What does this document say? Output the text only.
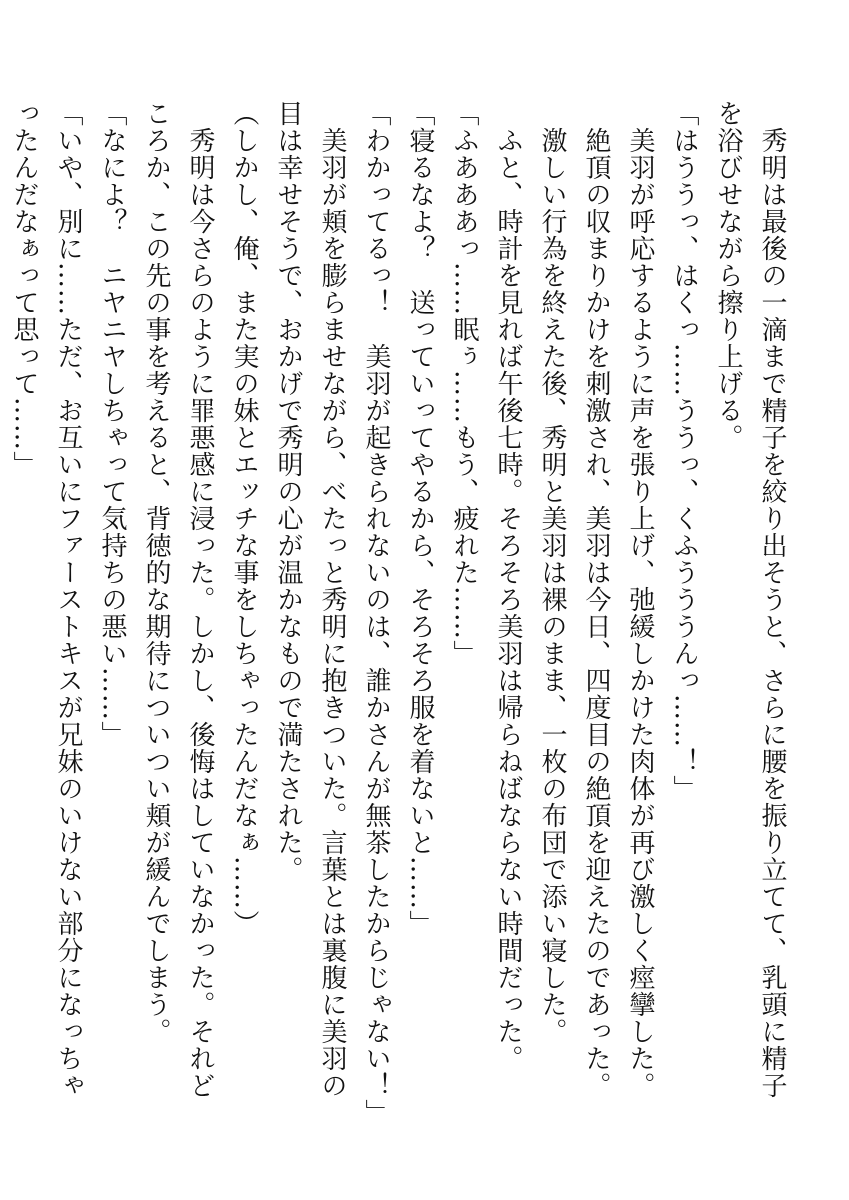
　秀明は最後の一滴まで精子を絞り出そうと、さらに腰を振り立てて、乳頭に精子を浴びせながら擦り上げる。

「はううっ、はくっ……ううっ、くふうううんっ……！」

　美羽が呼応するように声を張り上げ、弛緩しかけた肉体が再び激しく痙攣した。

　絶頂の収まりかけを刺激され、美羽は今日、四度目の絶頂を迎えたのであった。

　激しい行為を終えた後、秀明と美羽は裸のまま、一枚の布団で添い寝した。

　ふと、時計を見れば午後七時。そろそろ美羽は帰らねばならない時間だった。

「ふあああっ……眠ぅ……もう、疲れた……」

「寝るなよ？　送っていってやるから、そろそろ服を着ないと……」

「わかってるっ！　美羽が起きられないのは、誰かさんが無茶したからじゃない！」

　美羽が頬を膨らませながら、べたっと秀明に抱きついた。言葉とは裏腹に美羽の目は幸せそうで、おかげで秀明の心が温かなもので満たされた。

（しかし、俺、また実の妹とエッチな事をしちゃったんだなぁ……）

　秀明は今さらのように罪悪感に浸った。しかし、後悔はしていなかった。それどころか、この先の事を考えると、背徳的な期待についつい頬が緩んでしまう。

「なによ？　ニヤニヤしちゃって気持ちの悪い……」

「いや、別に……ただ、お互いにファーストキスが兄妹のいけない部分になっちゃったんだなぁって思って……」
